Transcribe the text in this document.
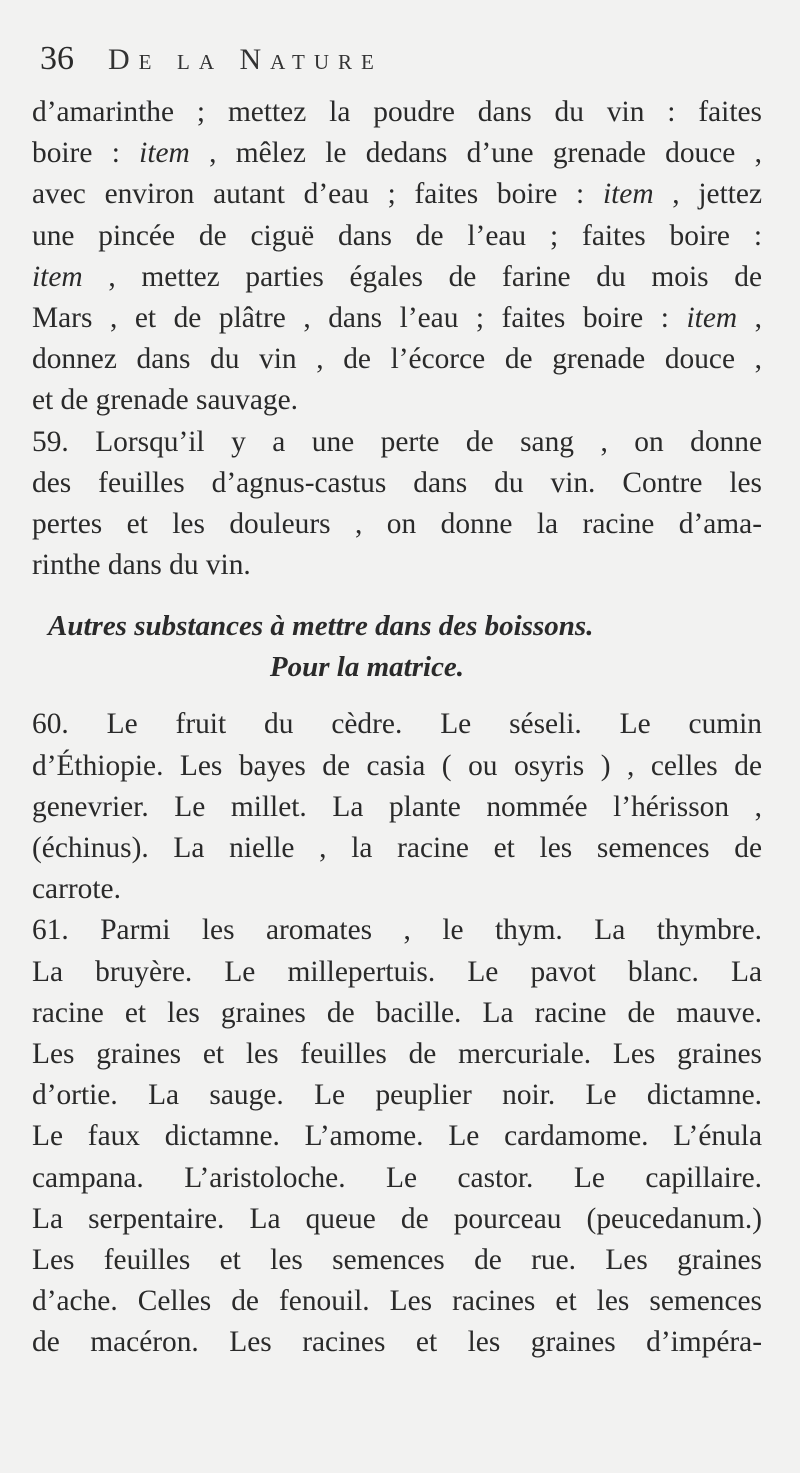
36	De la Nature
d’amarinthe ; mettez la poudre dans du vin : faites
boire : item , mêlez le dedans d’une grenade douce ,
avec environ autant d’eau ; faites boire : item , jettez
une pincée de ciguë dans de l’eau ; faites boire :
item , mettez parties égales de farine du mois de
Mars , et de plâtre , dans l’eau ; faites boire : item ,
donnez dans du vin , de l’écorce de grenade douce ,
et de grenade sauvage.
59. Lorsqu’il y a une perte de sang , on donne
des feuilles d’agnus-castus dans du vin. Contre les
pertes et les douleurs , on donne la racine d’ama-
rinthe dans du vin.
Autres substances à mettre dans des boissons.
Pour la matrice.
60. Le fruit du cèdre. Le séseli. Le cumin
d’Éthiopie. Les bayes de casia ( ou osyris ) , celles de
genevrier. Le millet. La plante nommée l’hérisson ,
(échinus). La nielle , la racine et les semences de
carrote.
61. Parmi les aromates , le thym. La thymbre.
La bruyère. Le millepertuis. Le pavot blanc. La
racine et les graines de bacille. La racine de mauve.
Les graines et les feuilles de mercuriale. Les graines
d’ortie. La sauge. Le peuplier noir. Le dictamne.
Le faux dictamne. L’amome. Le cardamome. L’énula
campana. L’aristoloche. Le castor. Le capillaire.
La serpentaire. La queue de pourceau (peucedanum.)
Les feuilles et les semences de rue. Les graines
d’ache. Celles de fenouil. Les racines et les semences
de macéron. Les racines et les graines d’impéra-
